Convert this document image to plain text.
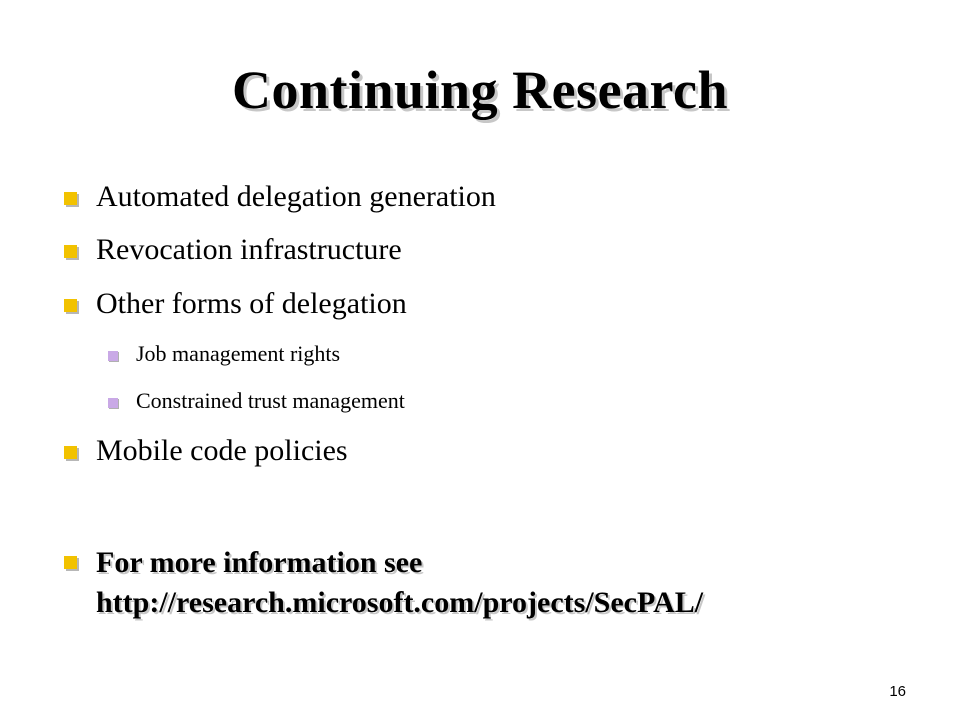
Continuing Research
Automated delegation generation
Revocation infrastructure
Other forms of delegation
Job management rights
Constrained trust management
Mobile code policies
For more information see
http://research.microsoft.com/projects/SecPAL/
16
